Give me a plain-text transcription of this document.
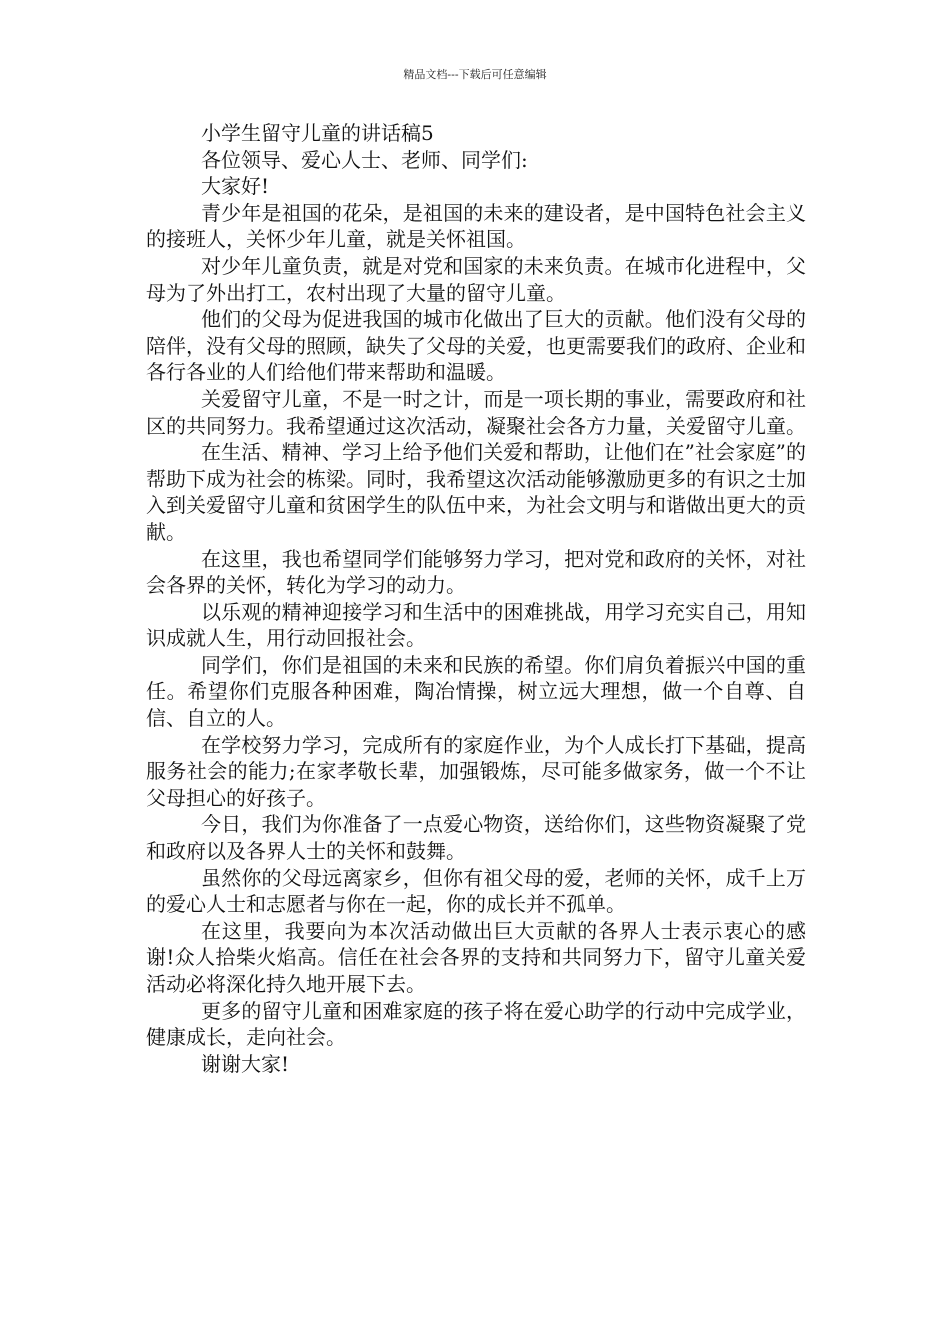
精品文档---下载后可任意编辑

小学生留守儿童的讲话稿5

各位领导、爱心人士、老师、同学们:

大家好!

青少年是祖国的花朵，是祖国的未来的建设者，是中国特色社会主义的接班人，关怀少年儿童，就是关怀祖国。

对少年儿童负责，就是对党和国家的未来负责。在城市化进程中，父母为了外出打工，农村出现了大量的留守儿童。

他们的父母为促进我国的城市化做出了巨大的贡献。他们没有父母的陪伴，没有父母的照顾，缺失了父母的关爱，也更需要我们的政府、企业和各行各业的人们给他们带来帮助和温暖。

关爱留守儿童，不是一时之计，而是一项长期的事业，需要政府和社区的共同努力。我希望通过这次活动，凝聚社会各方力量，关爱留守儿童。

在生活、精神、学习上给予他们关爱和帮助，让他们在”社会家庭”的帮助下成为社会的栋梁。同时，我希望这次活动能够激励更多的有识之士加入到关爱留守儿童和贫困学生的队伍中来，为社会文明与和谐做出更大的贡献。

在这里，我也希望同学们能够努力学习，把对党和政府的关怀，对社会各界的关怀，转化为学习的动力。

以乐观的精神迎接学习和生活中的困难挑战，用学习充实自己，用知识成就人生，用行动回报社会。

同学们，你们是祖国的未来和民族的希望。你们肩负着振兴中国的重任。希望你们克服各种困难，陶冶情操，树立远大理想，做一个自尊、自信、自立的人。

在学校努力学习，完成所有的家庭作业，为个人成长打下基础，提高服务社会的能力;在家孝敬长辈，加强锻炼，尽可能多做家务，做一个不让父母担心的好孩子。

今日，我们为你准备了一点爱心物资，送给你们，这些物资凝聚了党和政府以及各界人士的关怀和鼓舞。

虽然你的父母远离家乡，但你有祖父母的爱，老师的关怀，成千上万的爱心人士和志愿者与你在一起，你的成长并不孤单。

在这里，我要向为本次活动做出巨大贡献的各界人士表示衷心的感谢!众人拾柴火焰高。信任在社会各界的支持和共同努力下，留守儿童关爱活动必将深化持久地开展下去。

更多的留守儿童和困难家庭的孩子将在爱心助学的行动中完成学业，健康成长，走向社会。

谢谢大家!
